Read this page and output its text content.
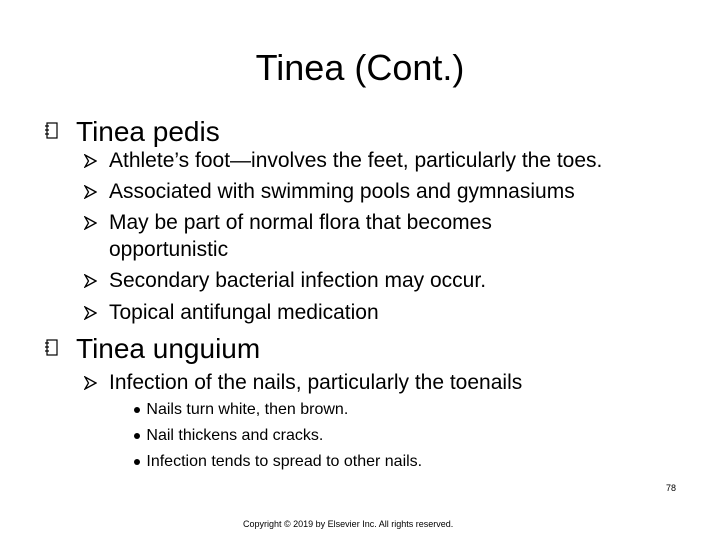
Tinea (Cont.)
Tinea pedis
Athlete’s foot—involves the feet, particularly the toes.
Associated with swimming pools and gymnasiums
May be part of normal flora that becomes opportunistic
Secondary bacterial infection may occur.
Topical antifungal medication
Tinea unguium
Infection of the nails, particularly the toenails
Nails turn white, then brown.
Nail thickens and cracks.
Infection tends to spread to other nails.
Copyright © 2019 by Elsevier Inc. All rights reserved.
78
